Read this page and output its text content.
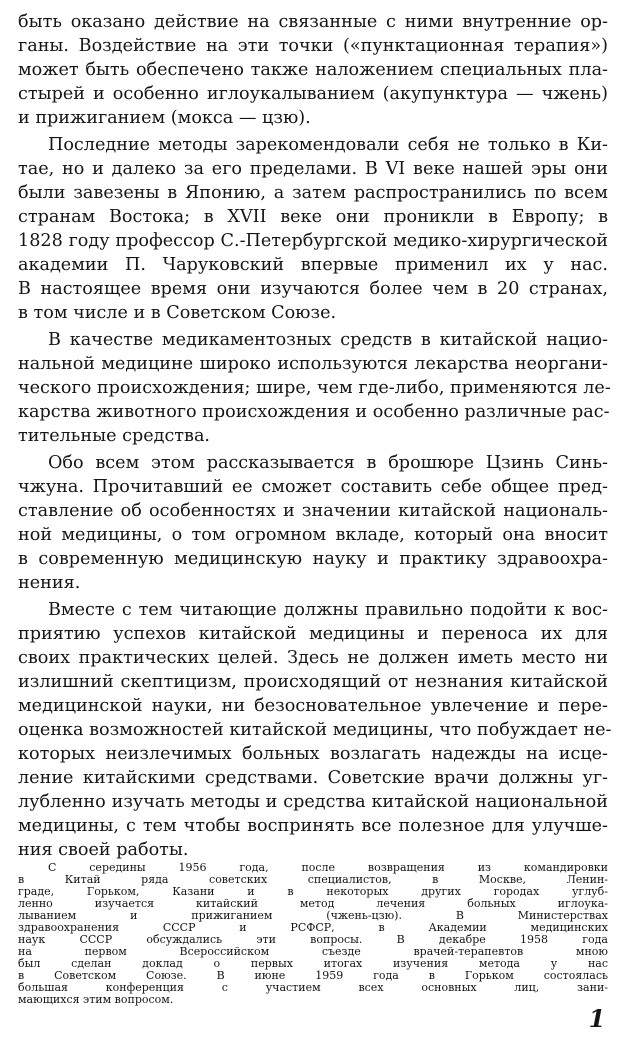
быть оказано действие на связанные с ними внутренние ор-
ганы. Воздействие на эти точки («пунктационная терапия»)
может быть обеспечено также наложением специальных пла-
стырей и особенно иглоукалыванием (акупунктура — чжень)
и прижиганием (мокса — цзю).
Последние методы зарекомендовали себя не только в Ки-
тае, но и далеко за его пределами. В VI веке нашей эры они
были завезены в Японию, а затем распространились по всем
странам Востока; в XVII веке они проникли в Европу; в
1828 году профессор С.-Петербургской медико-хирургической
академии П. Чаруковский впервые применил их у нас.
В настоящее время они изучаются более чем в 20 странах,
в том числе и в Советском Союзе.
В качестве медикаментозных средств в китайской нацио-
нальной медицине широко используются лекарства неоргани-
ческого происхождения; шире, чем где-либо, применяются ле-
карства животного происхождения и особенно различные рас-
тительные средства.
Обо всем этом рассказывается в брошюре Цзинь Синь-
чжуна. Прочитавший ее сможет составить себе общее пред-
ставление об особенностях и значении китайской националь-
ной медицины, о том огромном вкладе, который она вносит
в современную медицинскую науку и практику здравоохра-
нения.
Вместе с тем читающие должны правильно подойти к вос-
приятию успехов китайской медицины и переноса их для
своих практических целей. Здесь не должен иметь место ни
излишний скептицизм, происходящий от незнания китайской
медицинской науки, ни безосновательное увлечение и пере-
оценка возможностей китайской медицины, что побуждает не-
которых неизлечимых больных возлагать надежды на исце-
ление китайскими средствами. Советские врачи должны уг-
лубленно изучать методы и средства китайской национальной
медицины, с тем чтобы воспринять все полезное для улучше-
ния своей работы.
С середины 1956 года, после возвращения из командировки
в Китай ряда советских специалистов, в Москве, Ленин-
граде, Горьком, Казани и в некоторых других городах углуб-
ленно изучается китайский метод лечения больных иглоука-
лыванием и прижиганием (чжень-цзю). В Министерствах
здравоохранения СССР и РСФСР, в Академии медицинских
наук СССР обсуждались эти вопросы. В декабре 1958 года
на первом Всероссийском съезде врачей-терапевтов мною
был сделан доклад о первых итогах изучения метода у нас
в Советском Союзе. В июне 1959 года в Горьком состоялась
большая конференция с участием всех основных лиц, зани-
мающихся этим вопросом.
1
